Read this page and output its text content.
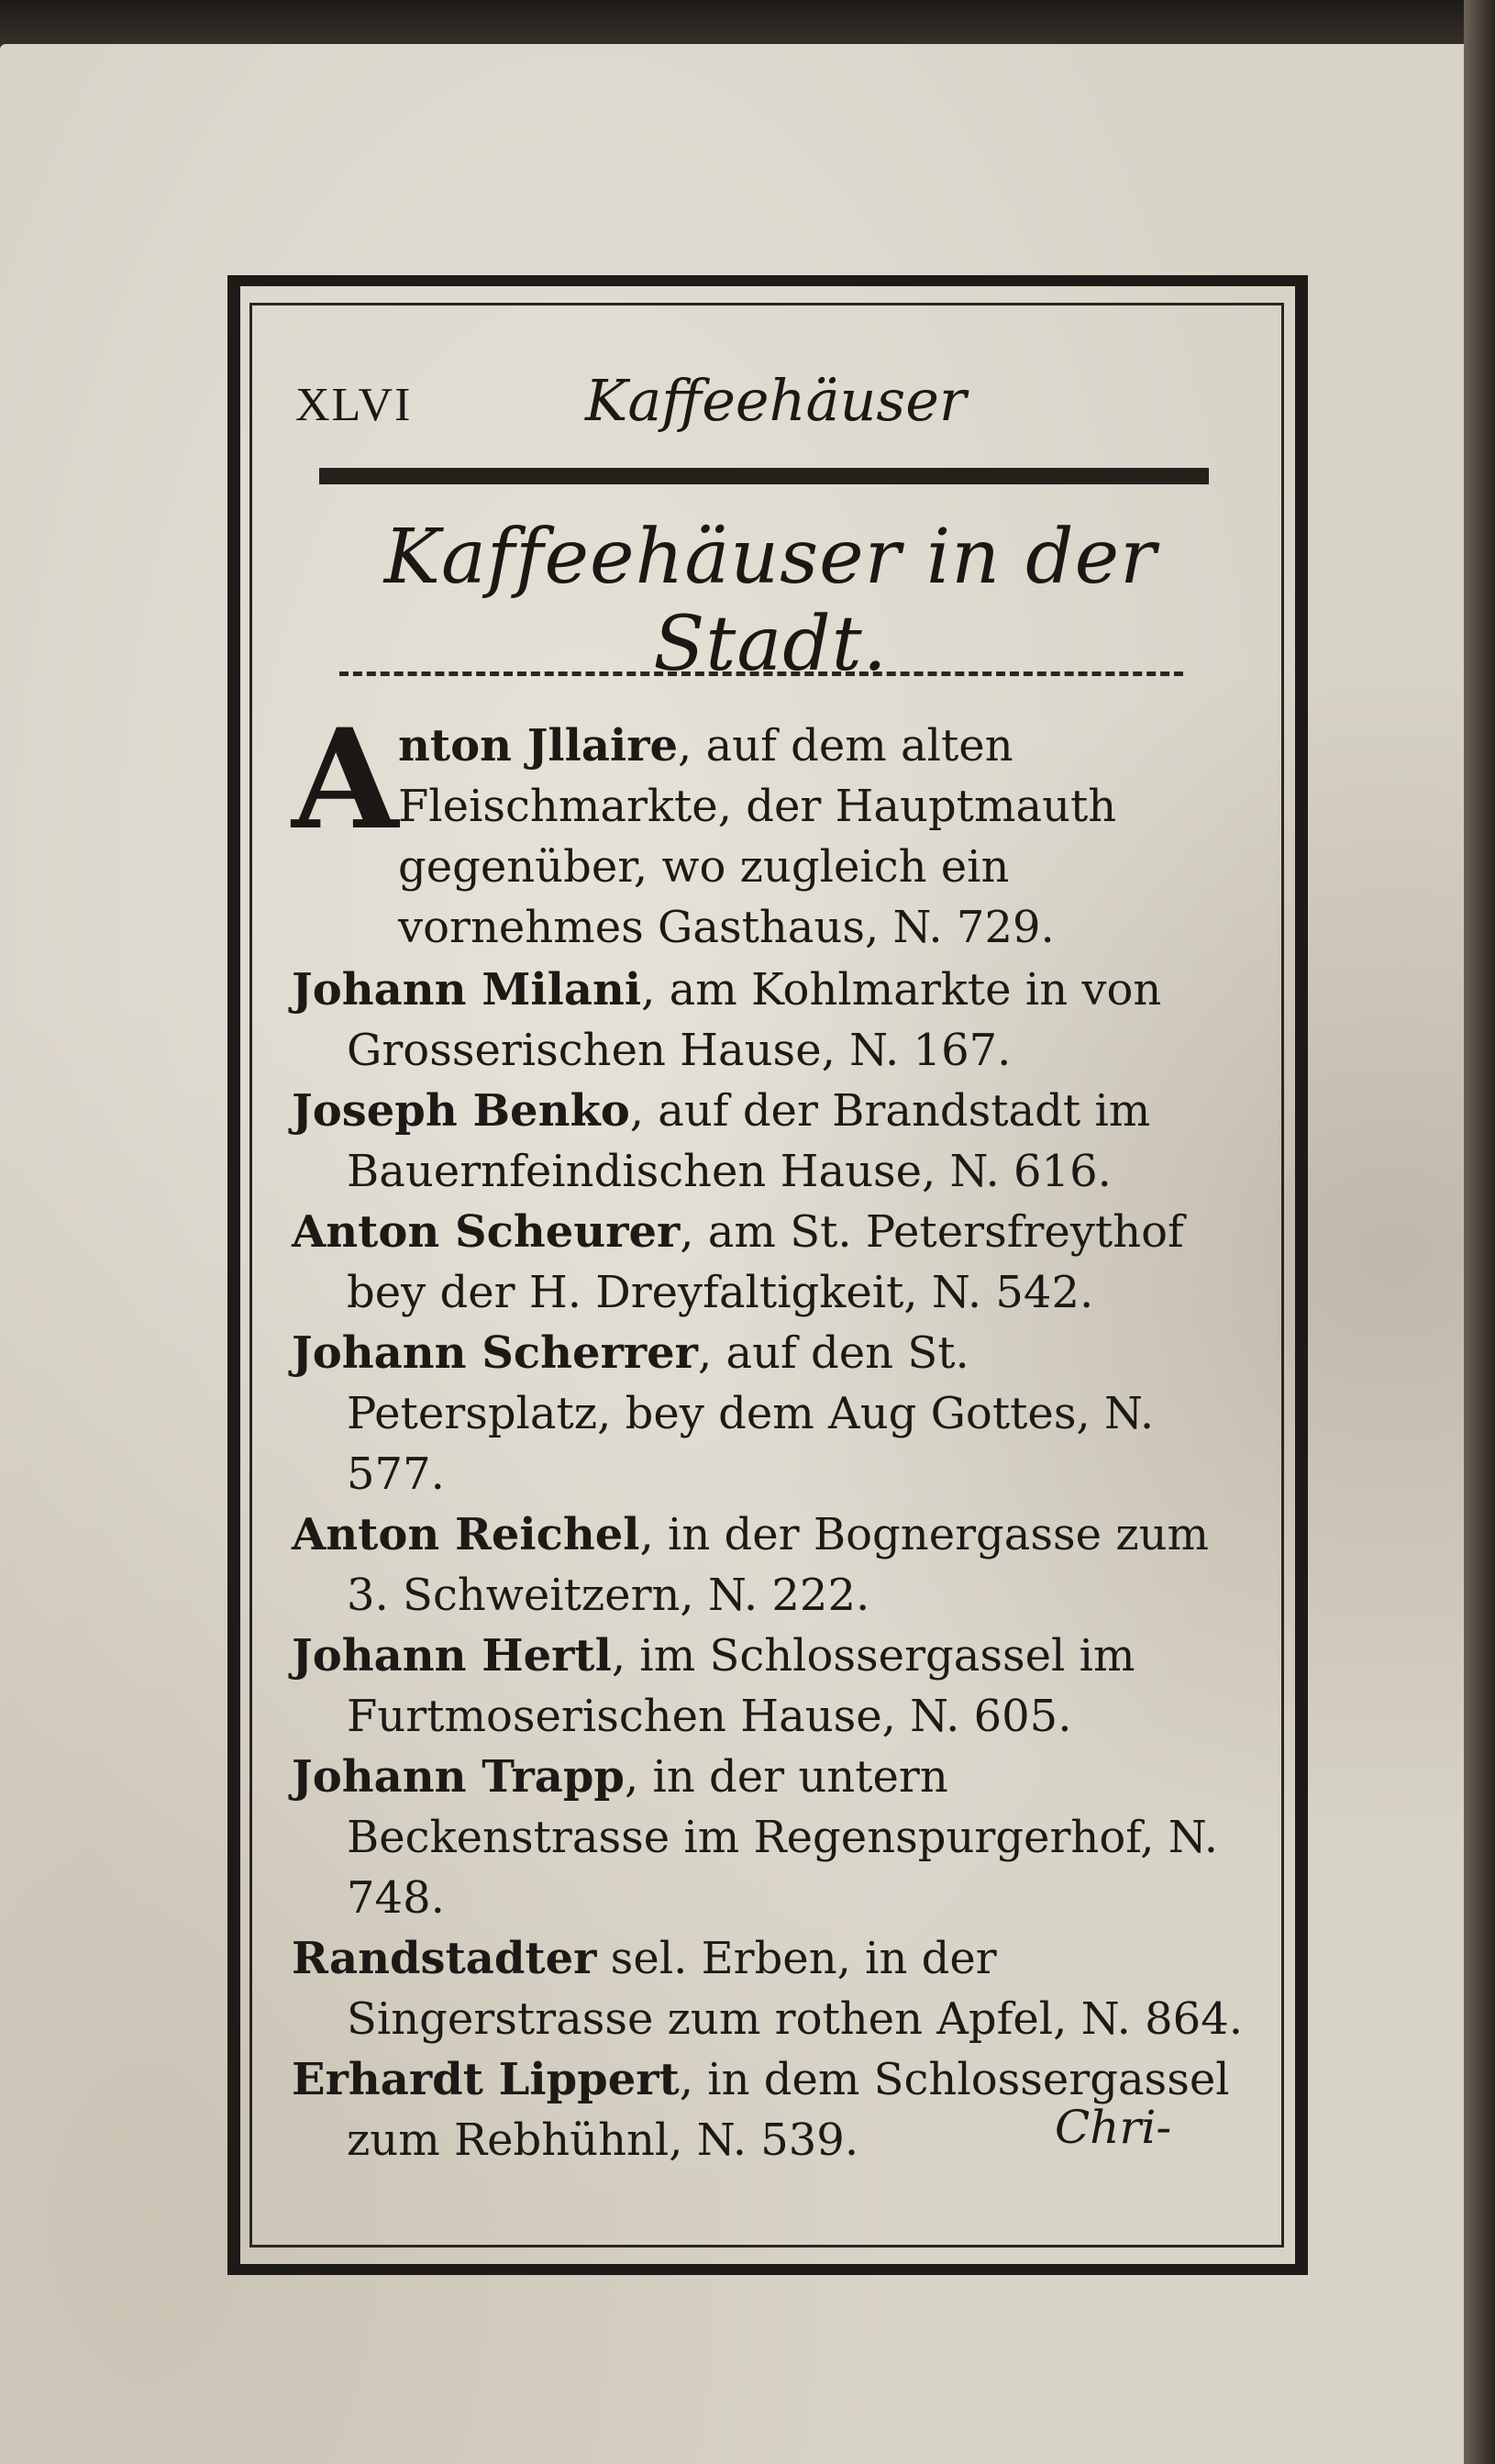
XLVI	Kaffeehäuser
Kaffeehäuser in der Stadt.

A nton Jllaire, auf dem alten Fleischmarkte, der Hauptmauth gegenüber, wo zugleich ein vornehmes Gasthaus, N. 729.

Johann Milani, am Kohlmarkte in von Grosserischen Hause, N. 167.

Joseph Benko, auf der Brandstadt im Bauernfeindischen Hause, N. 616.

Anton Scheurer, am St. Petersfreythof bey der H. Dreyfaltigkeit, N. 542.

Johann Scherrer, auf den St. Petersplatz, bey dem Aug Gottes, N. 577.

Anton Reichel, in der Bognergasse zum 3. Schweitzern, N. 222.

Johann Hertl, im Schlossergassel im Furtmoserischen Hause, N. 605.

Johann Trapp, in der untern Beckenstrasse im Regenspurgerhof, N. 748.

Randstadter sel. Erben, in der Singerstrasse zum rothen Apfel, N. 864.

Erhardt Lippert, in dem Schlossergassel zum Rebhühnl, N. 539.	Chri-
